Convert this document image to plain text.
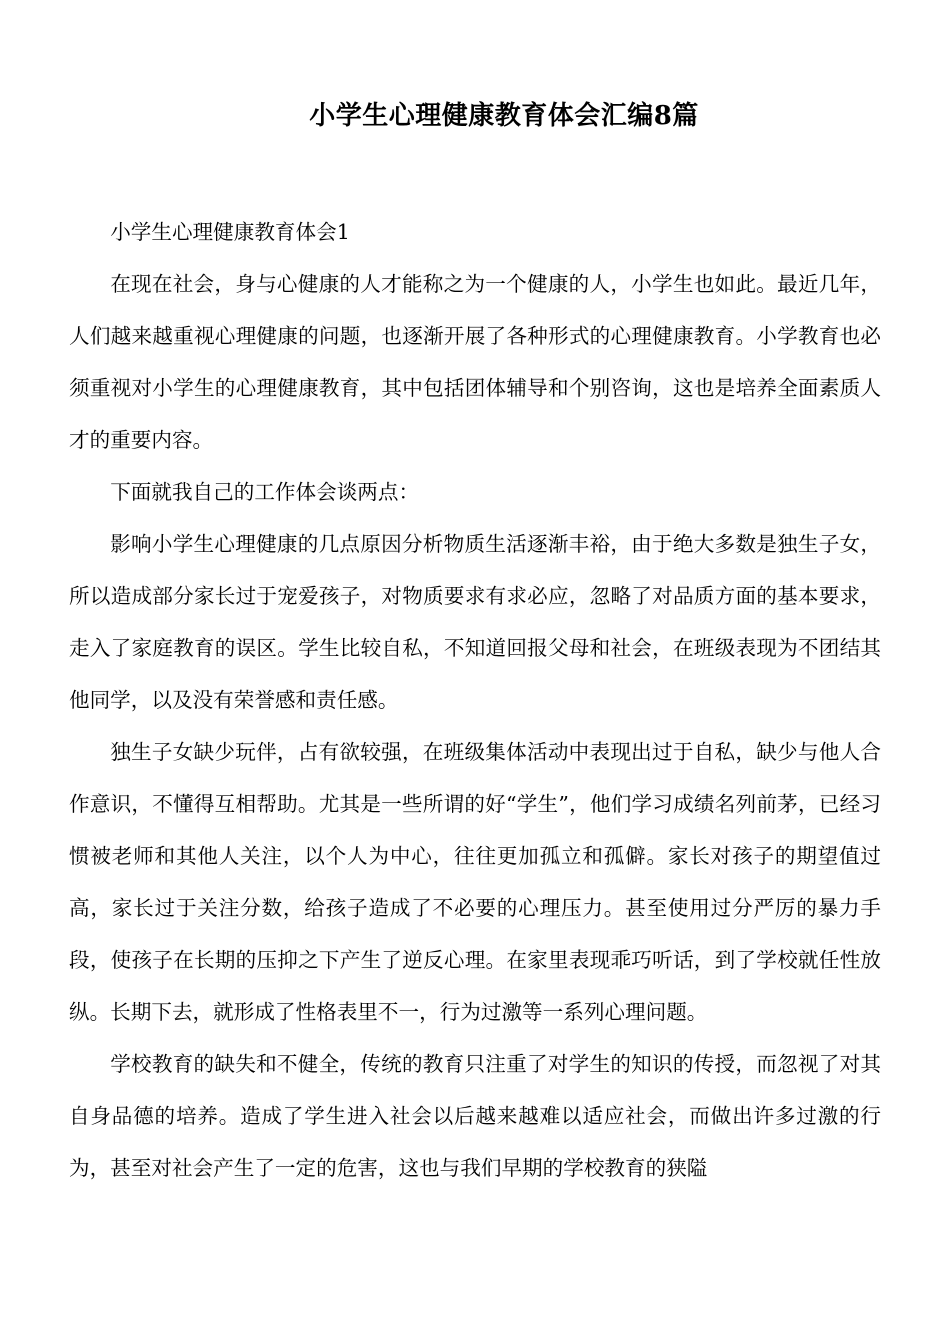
小学生心理健康教育体会汇编8篇

小学生心理健康教育体会1

在现在社会，身与心健康的人才能称之为一个健康的人，小学生也如此。最近几年，人们越来越重视心理健康的问题，也逐渐开展了各种形式的心理健康教育。小学教育也必须重视对小学生的心理健康教育，其中包括团体辅导和个别咨询，这也是培养全面素质人才的重要内容。

下面就我自己的工作体会谈两点：

影响小学生心理健康的几点原因分析物质生活逐渐丰裕，由于绝大多数是独生子女，所以造成部分家长过于宠爱孩子，对物质要求有求必应，忽略了对品质方面的基本要求，走入了家庭教育的误区。学生比较自私，不知道回报父母和社会，在班级表现为不团结其他同学，以及没有荣誉感和责任感。

独生子女缺少玩伴，占有欲较强，在班级集体活动中表现出过于自私，缺少与他人合作意识，不懂得互相帮助。尤其是一些所谓的好“学生”，他们学习成绩名列前茅，已经习惯被老师和其他人关注，以个人为中心，往往更加孤立和孤僻。家长对孩子的期望值过高，家长过于关注分数，给孩子造成了不必要的心理压力。甚至使用过分严厉的暴力手段，使孩子在长期的压抑之下产生了逆反心理。在家里表现乖巧听话，到了学校就任性放纵。长期下去，就形成了性格表里不一，行为过激等一系列心理问题。

学校教育的缺失和不健全，传统的教育只注重了对学生的知识的传授，而忽视了对其自身品德的培养。造成了学生进入社会以后越来越难以适应社会，而做出许多过激的行为，甚至对社会产生了一定的危害，这也与我们早期的学校教育的狭隘
